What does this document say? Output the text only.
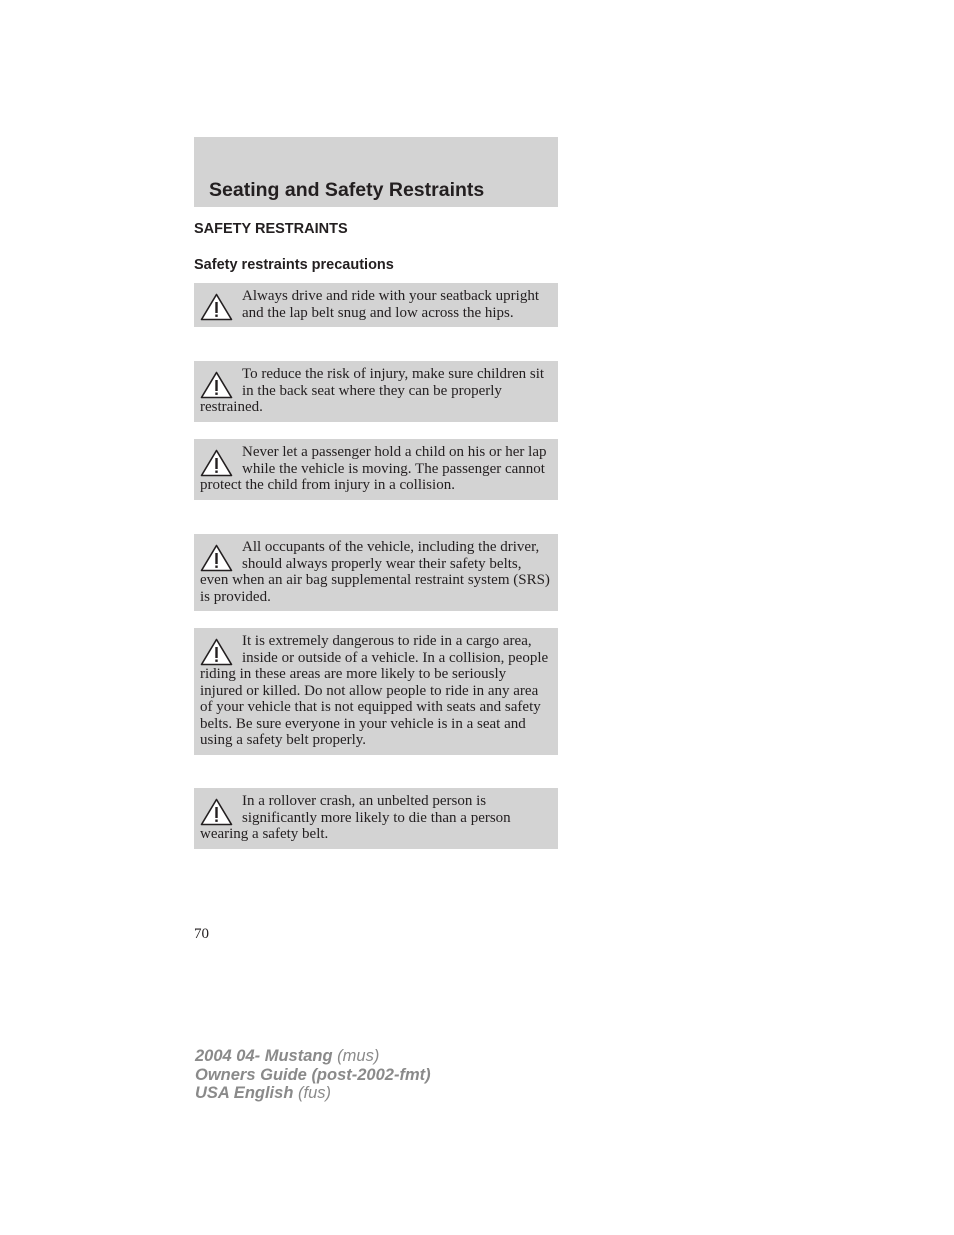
Seating and Safety Restraints
SAFETY RESTRAINTS
Safety restraints precautions
Always drive and ride with your seatback upright and the lap belt snug and low across the hips.
To reduce the risk of injury, make sure children sit in the back seat where they can be properly restrained.
Never let a passenger hold a child on his or her lap while the vehicle is moving. The passenger cannot protect the child from injury in a collision.
All occupants of the vehicle, including the driver, should always properly wear their safety belts, even when an air bag supplemental restraint system (SRS) is provided.
It is extremely dangerous to ride in a cargo area, inside or outside of a vehicle. In a collision, people riding in these areas are more likely to be seriously injured or killed. Do not allow people to ride in any area of your vehicle that is not equipped with seats and safety belts. Be sure everyone in your vehicle is in a seat and using a safety belt properly.
In a rollover crash, an unbelted person is significantly more likely to die than a person wearing a safety belt.
70
2004 04- Mustang (mus)
Owners Guide (post-2002-fmt)
USA English (fus)
